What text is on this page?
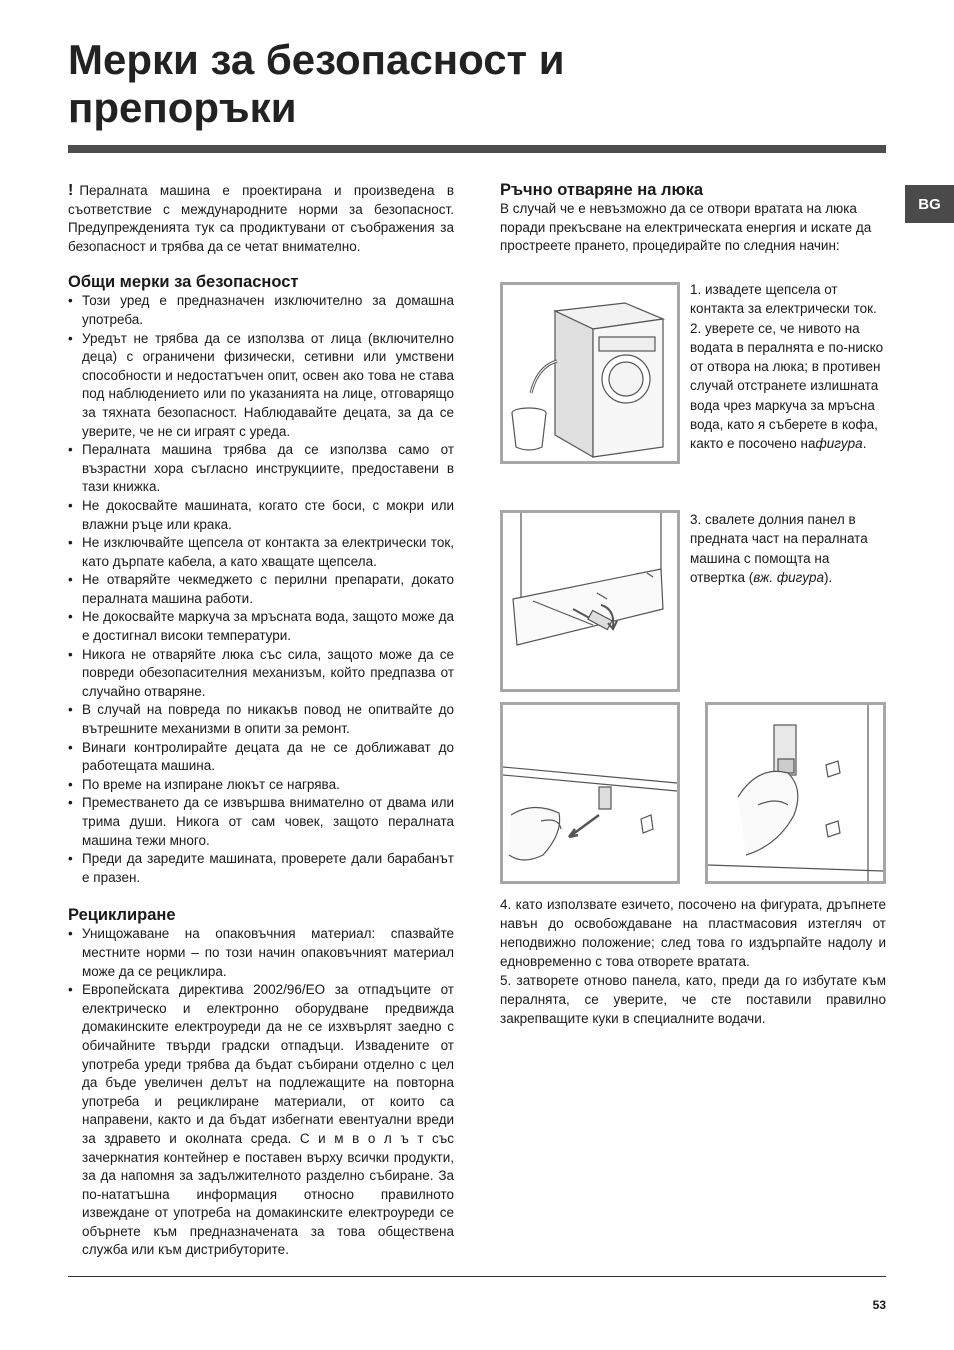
Мерки за безопасност и препоръки
BG

! Пералната машина е проектирана и произведена в съответствие с международните норми за безопасност. Предупрежденията тук са продиктувани от съображения за безопасност и трябва да се четат внимателно.

Общи мерки за безопасност
• Този уред е предназначен изключително за домашна употреба.
• Уредът не трябва да се използва от лица (включително деца) с ограничени физически, сетивни или умствени способности и недостатъчен опит, освен ако това не става под наблюдението или по указанията на лице, отговарящо за тяхната безопасност. Наблюдавайте децата, за да се уверите, че не си играят с уреда.
• Пералната машина трябва да се използва само от възрастни хора съгласно инструкциите, предоставени в тази книжка.
• Не докосвайте машината, когато сте боси, с мокри или влажни ръце или крака.
• Не изключвайте щепсела от контакта за електрически ток, като дърпате кабела, а като хващате щепсела.
• Не отваряйте чекмеджето с перилни препарати, докато пералната машина работи.
• Не докосвайте маркуча за мръсната вода, защото може да е достигнал високи температури.
• Никога не отваряйте люка със сила, защото може да се повреди обезопасителния механизъм, който предпазва от случайно отваряне.
• В случай на повреда по никакъв повод не опитвайте до вътрешните механизми в опити за ремонт.
• Винаги контролирайте децата да не се доближават до работещата машина.
• По време на изпиране люкът се нагрява.
• Преместването да се извършва внимателно от двама или трима души. Никога от сам човек, защото пералната машина тежи много.
• Преди да заредите машината, проверете дали барабанът е празен.
Рециклиране
• Унищожаване на опаковъчния материал: спазвайте местните норми – по този начин опаковъчният материал може да се рециклира.
• Европейската директива 2002/96/ЕО за отпадъците от електрическо и електронно оборудване предвижда домакинските електроуреди да не се изхвърлят заедно с обичайните твърди градски отпадъци. Извадените от употреба уреди трябва да бъдат събирани отделно с цел да бъде увеличен делът на подлежащите на повторна употреба и рециклиране материали, от които са направени, както и да бъдат избегнати евентуални вреди за здравето и околната среда. С и м в о л ъ т със зачеркнатия контейнер е поставен върху всички продукти, за да напомня за задължителното разделно събиране. За по-нататъшна информация относно правилното извеждане от употреба на домакинските електроуреди се обърнете към предназначената за това обществена служба или към дистрибуторите.
Ръчно отваряне на люка

В случай че е невъзможно да се отвори вратата на люка поради прекъсване на електрическата енергия и искате да простреете прането, процедирайте по следния начин:

1. извадете щепсела от контакта за електрически ток.

2. уверете се, че нивото на водата в пералнята е по-ниско от отвора на люка; в противен случай отстранете излишната вода чрез маркуча за мръсна вода, като я съберете в кофа, както е посочено нафигура.

3. свалете долния панел в предната част на пералната машина с помощта на отвертка (вж. фигура).

4. като използвате езичето, посочено на фигурата, дръпнете навън до освобождаване на пластмасовия изтегляч от неподвижно положение; след това го издърпайте надолу и едновременно с това отворете вратата.

5. затворете отново панела, като, преди да го избутате към пералнята, се уверите, че сте поставили правилно закрепващите куки в специалните водачи.

53
